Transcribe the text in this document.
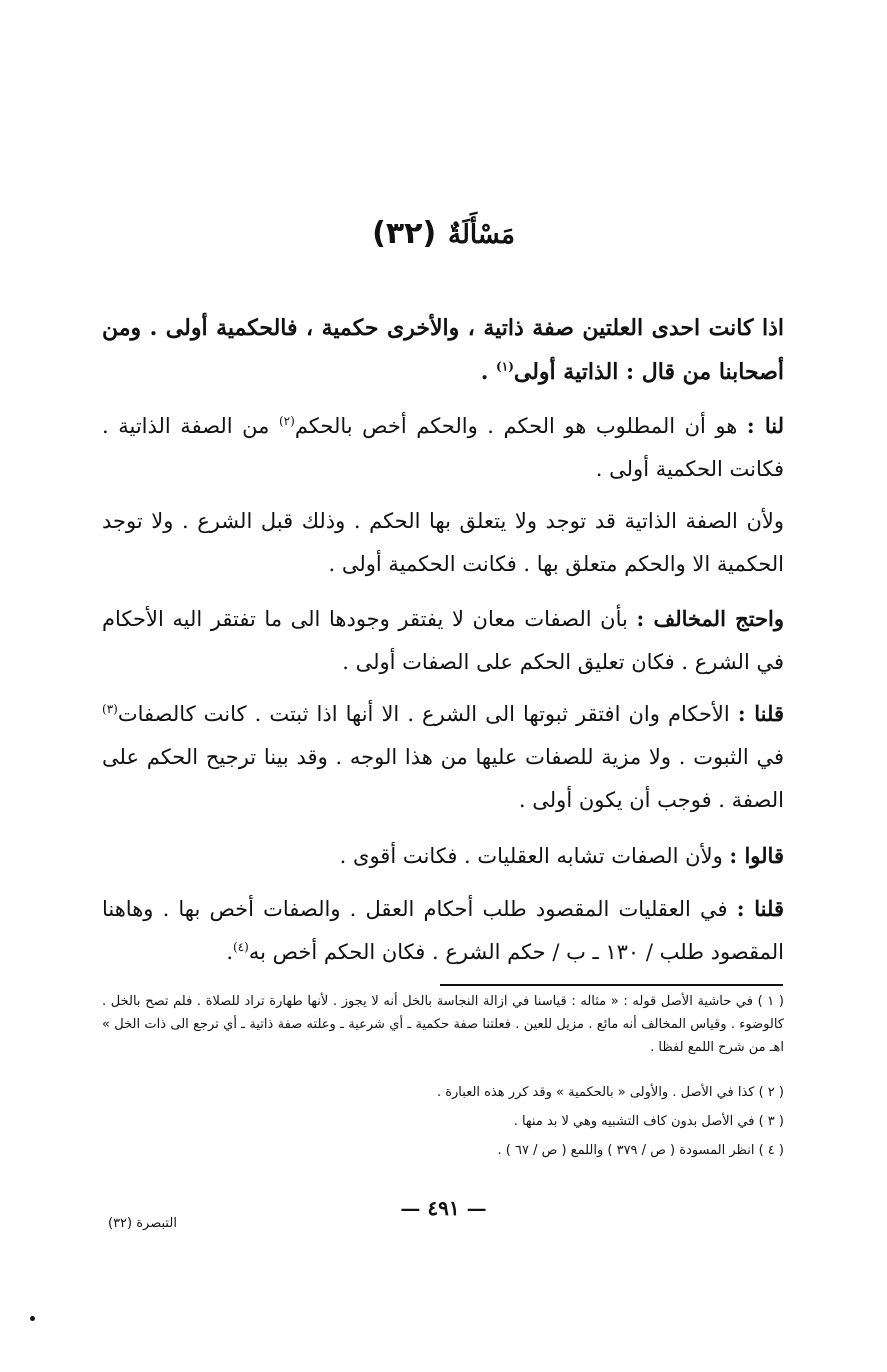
مَسْأَلَةٌ (٣٢)
اذا كانت احدى العلتين صفة ذاتية ، والأخرى حكمية ، فالحكمية أولى . ومن أصحابنا من قال : الذاتية أولى$^{(١)}$ .
لنا : هو أن المطلوب هو الحكم . والحكم أخص بالحكم$^{(٢)}$ من الصفة الذاتية . فكانت الحكمية أولى .
ولأن الصفة الذاتية قد توجد ولا يتعلق بها الحكم . وذلك قبل الشرع . ولا توجد الحكمية الا والحكم متعلق بها . فكانت الحكمية أولى .
واحتج المخالف : بأن الصفات معان لا يفتقر وجودها الى ما تفتقر اليه الأحكام في الشرع . فكان تعليق الحكم على الصفات أولى .
قلنا : الأحكام وان افتقر ثبوتها الى الشرع . الا أنها اذا ثبتت . كانت كالصفات$^{(٣)}$ في الثبوت . ولا مزية للصفات عليها من هذا الوجه . وقد بينا ترجيح الحكم على الصفة . فوجب أن يكون أولى .
قالوا : ولأن الصفات تشابه العقليات . فكانت أقوى .
قلنا : في العقليات المقصود طلب أحكام العقل . والصفات أخص بها . وهاهنا المقصود طلب / ١٣٠ ـ ب / حكم الشرع . فكان الحكم أخص به$^{(٤)}$.
( ١ ) في حاشية الأصل قوله : « مثاله : قياسنا في ازالة النجاسة بالخل أنه لا يجوز . لأنها طهارة تراد للصلاة . فلم تصح بالخل . كالوضوء . وقياس المخالف أنه مائع . مزيل للعين . فعلتنا صفة حكمية ـ أي شرعية ـ وعلته صفة ذاتية ـ أي ترجع الى ذات الخل » اهـ من شرح اللمع لفظا .
( ٢ ) كذا في الأصل . والأولى « بالحكمية » وقد كرر هذه العبارة .
( ٣ ) في الأصل بدون كاف التشبيه وهي لا بد منها .
( ٤ ) انظر المسودة ( ص / ٣٧٩ ) واللمع ( ص / ٦٧ ) .
— ٤٩١ —
التبصرة (٣٢)
